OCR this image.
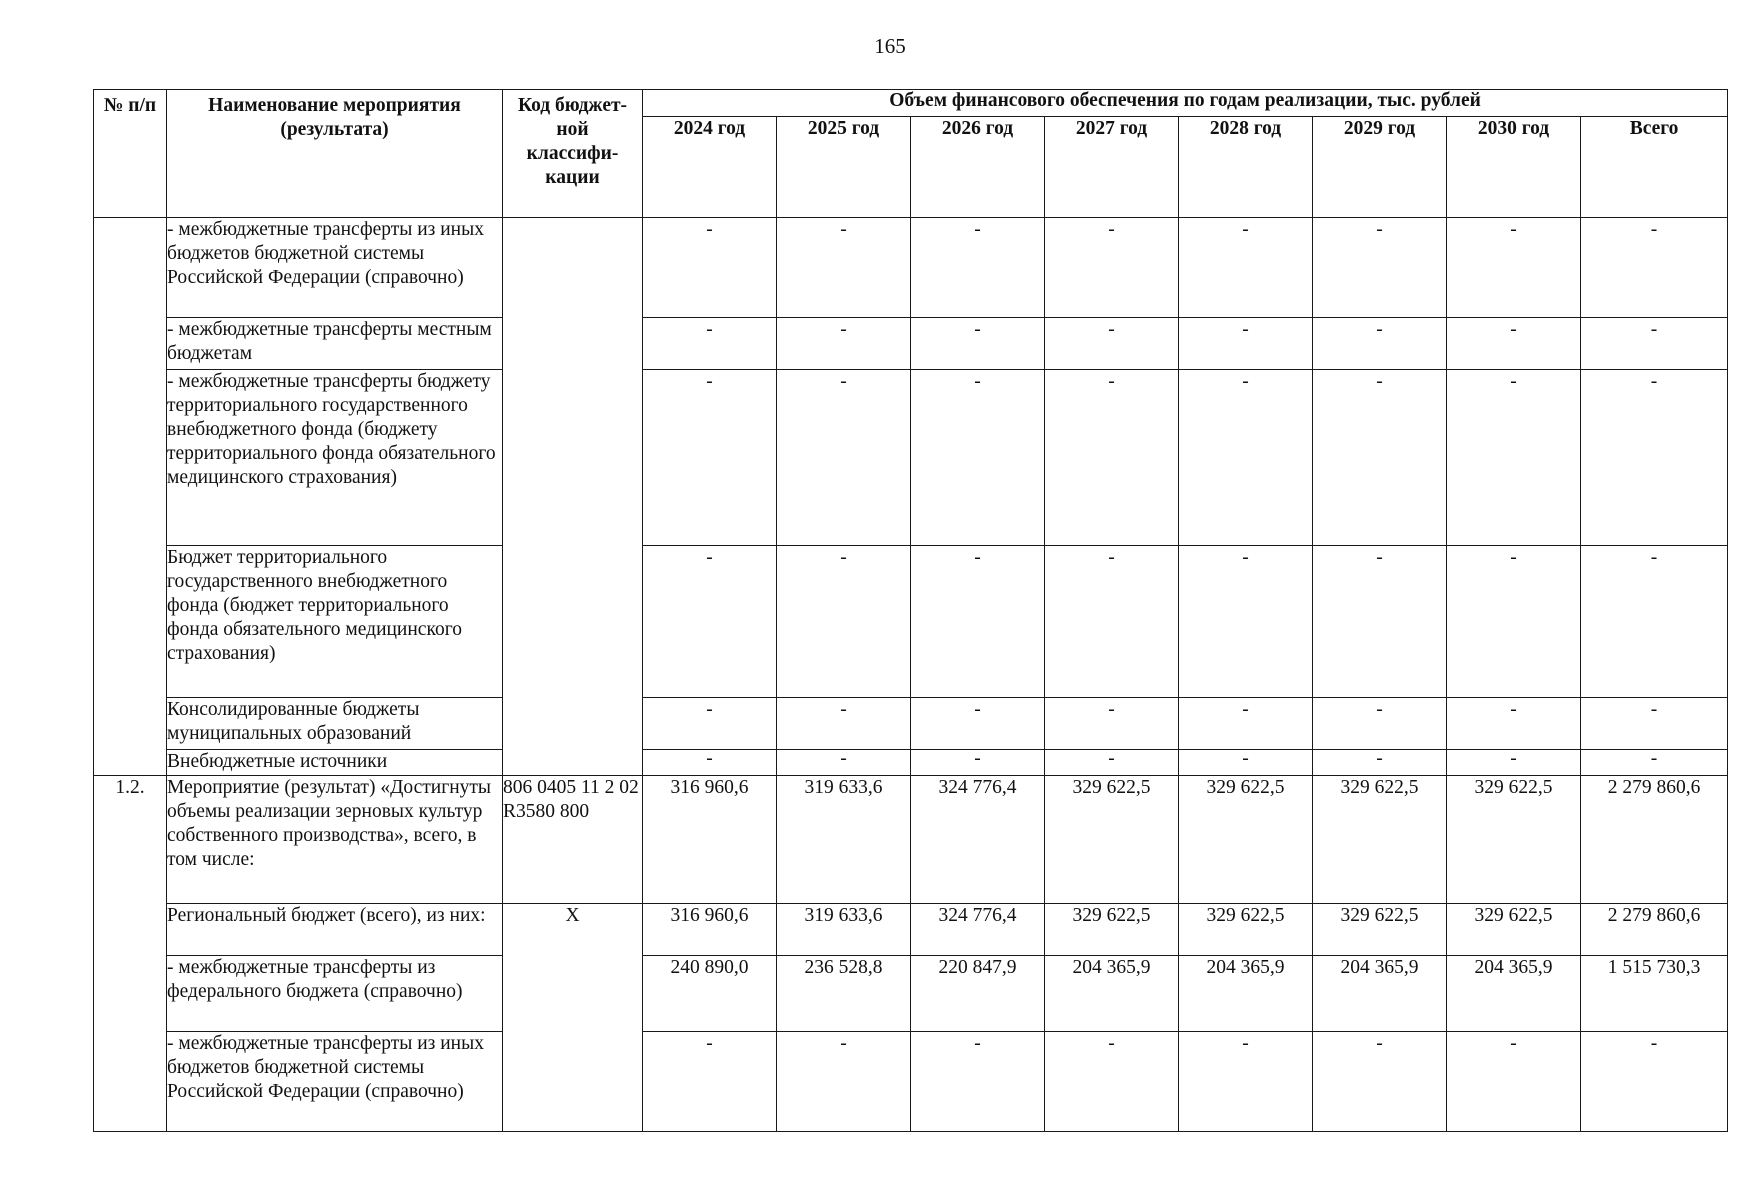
165
№ п/п	Наименование мероприятия (результата)	Код бюджет-ной классифи-кации	Объем финансового обеспечения по годам реализации, тыс. рублей							
			2024 год	2025 год	2026 год	2027 год	2028 год	2029 год	2030 год	Всего
	- межбюджетные трансферты из иных бюджетов бюджетной системы Российской Федерации (справочно)		-	-	-	-	-	-	-	-
	- межбюджетные трансферты местным бюджетам		-	-	-	-	-	-	-	-
	- межбюджетные трансферты бюджету территориального государственного внебюджетного фонда (бюджету территориального фонда обязательного медицинского страхования)		-	-	-	-	-	-	-	-
	Бюджет территориального государственного внебюджетного фонда (бюджет территориального фонда обязательного медицинского страхования)		-	-	-	-	-	-	-	-
	Консолидированные бюджеты муниципальных образований		-	-	-	-	-	-	-	-
	Внебюджетные источники		-	-	-	-	-	-	-	-
1.2.	Мероприятие (результат) «Достигнуты объемы реализации зерновых культур собственного производства», всего, в том числе:	806 0405 11 2 02 R3580 800	316 960,6	319 633,6	324 776,4	329 622,5	329 622,5	329 622,5	329 622,5	2 279 860,6
	Региональный бюджет (всего), из них:	X	316 960,6	319 633,6	324 776,4	329 622,5	329 622,5	329 622,5	329 622,5	2 279 860,6
	- межбюджетные трансферты из федерального бюджета (справочно)		240 890,0	236 528,8	220 847,9	204 365,9	204 365,9	204 365,9	204 365,9	1 515 730,3
	- межбюджетные трансферты из иных бюджетов бюджетной системы Российской Федерации (справочно)		-	-	-	-	-	-	-	-
